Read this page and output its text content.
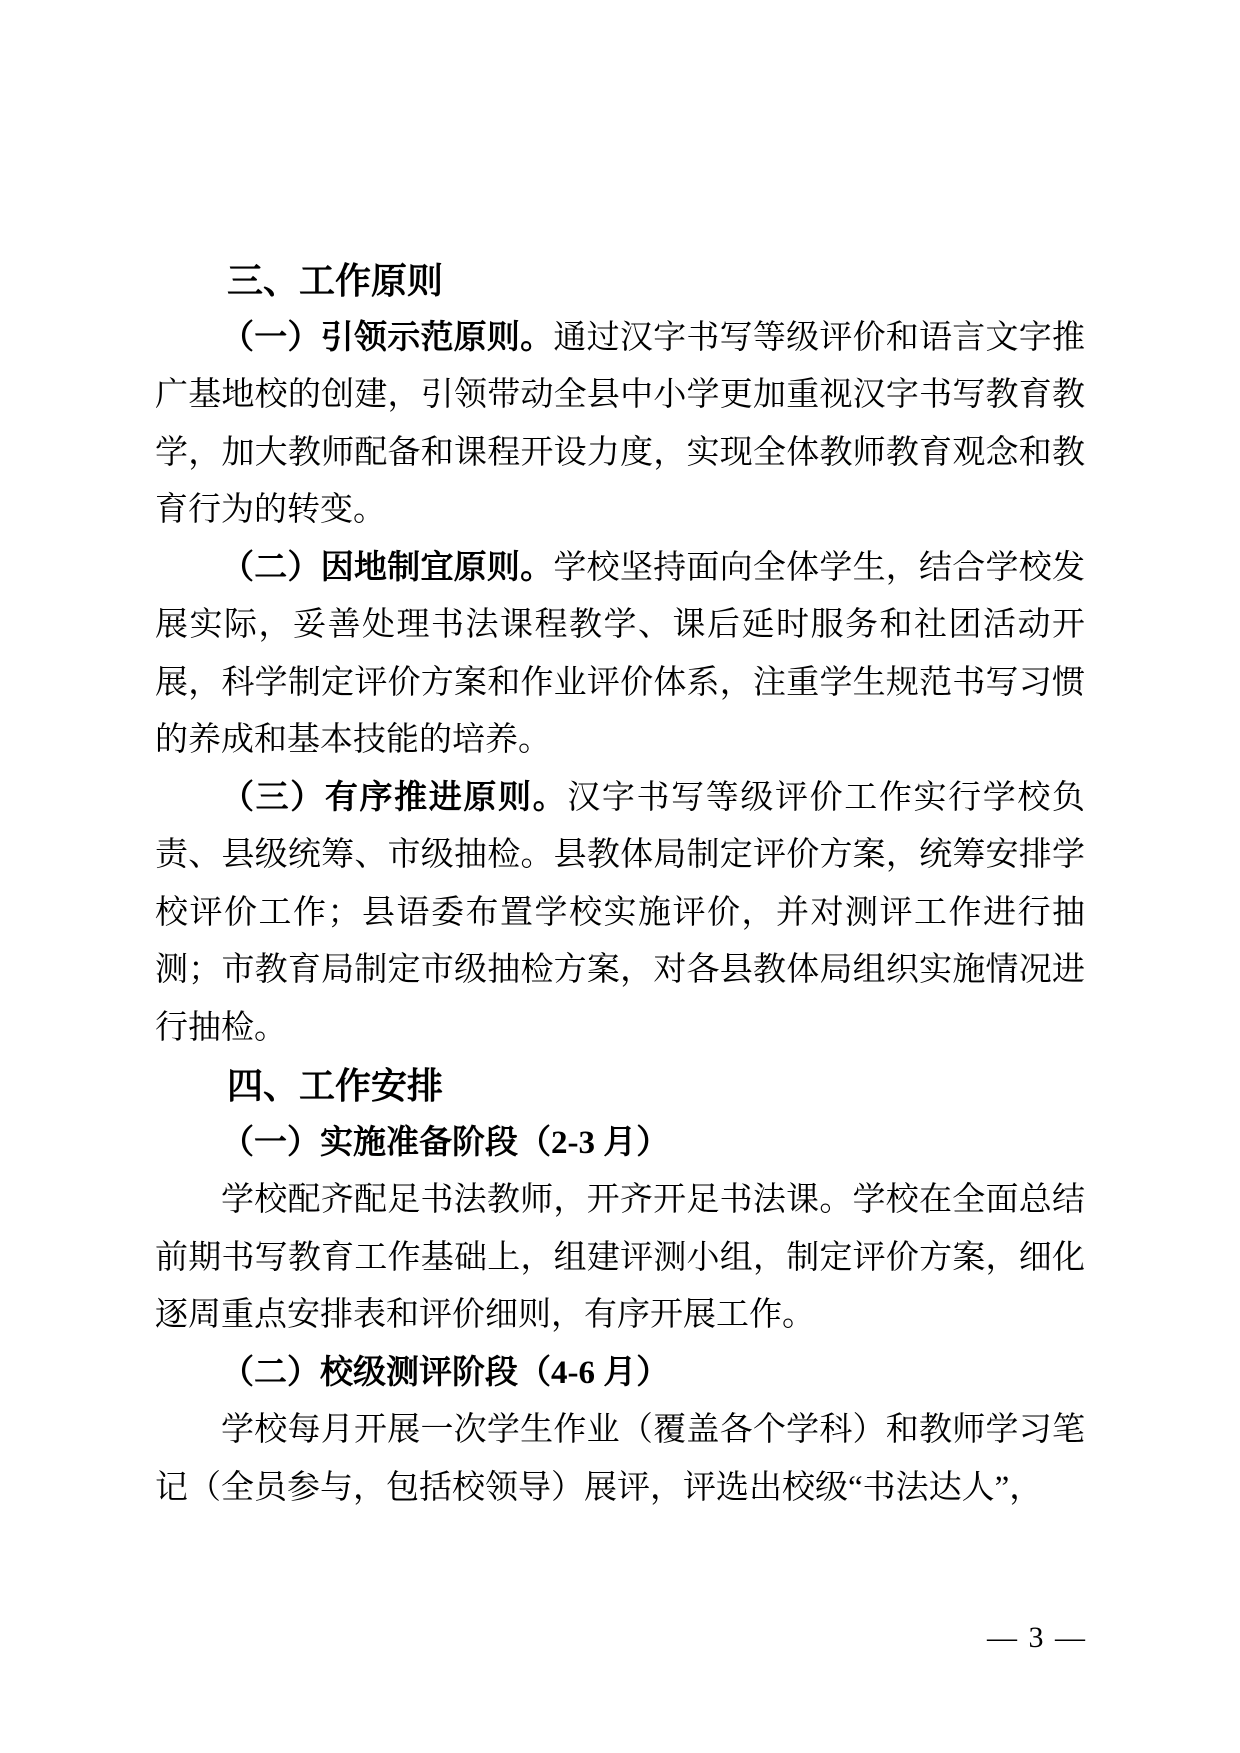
三、工作原则

（一）引领示范原则。通过汉字书写等级评价和语言文字推广基地校的创建，引领带动全县中小学更加重视汉字书写教育教学，加大教师配备和课程开设力度，实现全体教师教育观念和教育行为的转变。

（二）因地制宜原则。学校坚持面向全体学生，结合学校发展实际，妥善处理书法课程教学、课后延时服务和社团活动开展，科学制定评价方案和作业评价体系，注重学生规范书写习惯的养成和基本技能的培养。

（三）有序推进原则。汉字书写等级评价工作实行学校负责、县级统筹、市级抽检。县教体局制定评价方案，统筹安排学校评价工作；县语委布置学校实施评价，并对测评工作进行抽测；市教育局制定市级抽检方案，对各县教体局组织实施情况进行抽检。

四、工作安排
（一）实施准备阶段（2-3 月）

学校配齐配足书法教师，开齐开足书法课。学校在全面总结前期书写教育工作基础上，组建评测小组，制定评价方案，细化逐周重点安排表和评价细则，有序开展工作。

（二）校级测评阶段（4-6 月）

学校每月开展一次学生作业（覆盖各个学科）和教师学习笔记（全员参与，包括校领导）展评，评选出校级“书法达人”，

— 3 —
